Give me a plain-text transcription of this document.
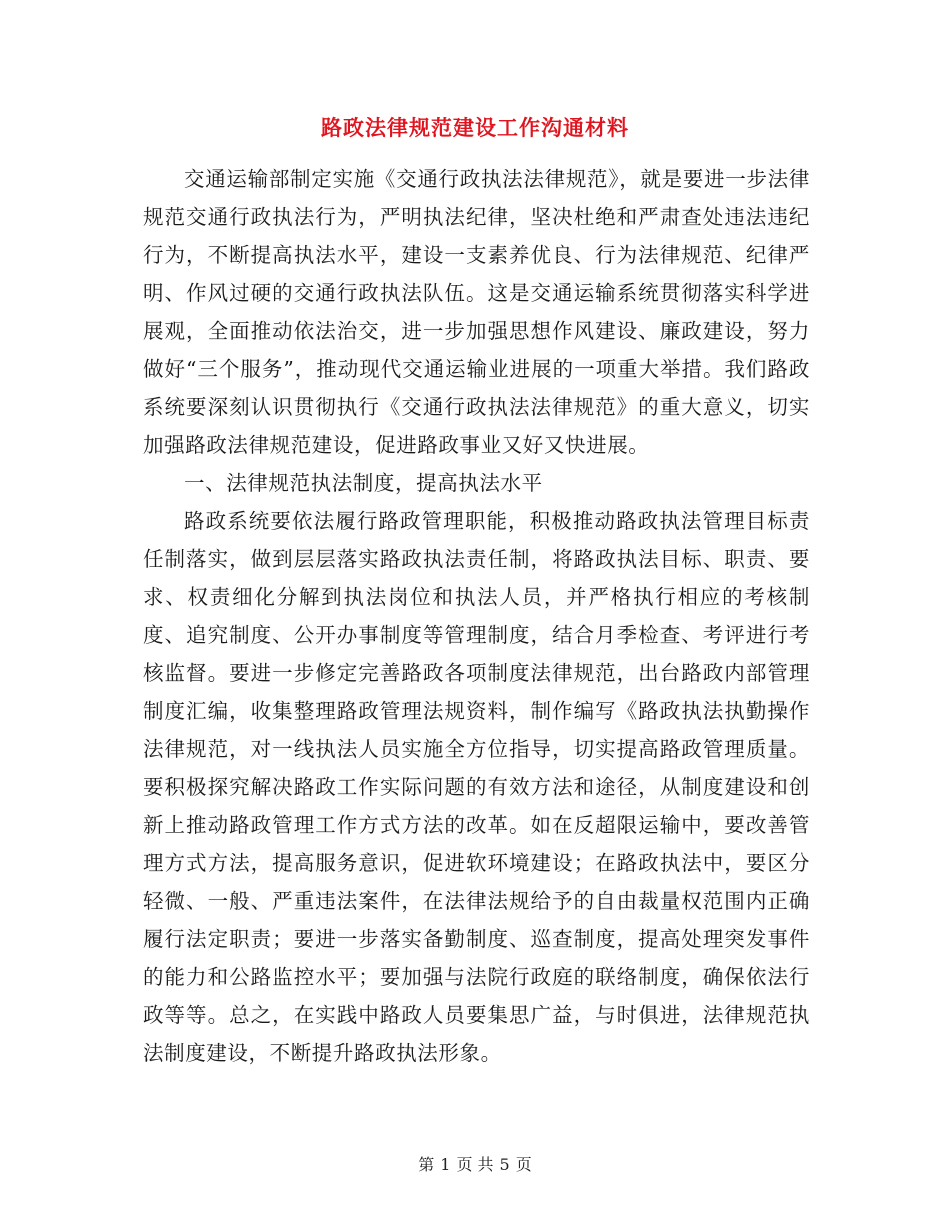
路政法律规范建设工作沟通材料

交通运输部制定实施《交通行政执法法律规范》，就是要进一步法律规范交通行政执法行为，严明执法纪律，坚决杜绝和严肃查处违法违纪行为，不断提高执法水平，建设一支素养优良、行为法律规范、纪律严明、作风过硬的交通行政执法队伍。这是交通运输系统贯彻落实科学进展观，全面推动依法治交，进一步加强思想作风建设、廉政建设，努力做好“三个服务”，推动现代交通运输业进展的一项重大举措。我们路政系统要深刻认识贯彻执行《交通行政执法法律规范》的重大意义，切实加强路政法律规范建设，促进路政事业又好又快进展。

一、法律规范执法制度，提高执法水平

路政系统要依法履行路政管理职能，积极推动路政执法管理目标责任制落实，做到层层落实路政执法责任制，将路政执法目标、职责、要求、权责细化分解到执法岗位和执法人员，并严格执行相应的考核制度、追究制度、公开办事制度等管理制度，结合月季检查、考评进行考核监督。要进一步修定完善路政各项制度法律规范，出台路政内部管理制度汇编，收集整理路政管理法规资料，制作编写《路政执法执勤操作法律规范，对一线执法人员实施全方位指导，切实提高路政管理质量。要积极探究解决路政工作实际问题的有效方法和途径，从制度建设和创新上推动路政管理工作方式方法的改革。如在反超限运输中，要改善管理方式方法，提高服务意识，促进软环境建设；在路政执法中，要区分轻微、一般、严重违法案件，在法律法规给予的自由裁量权范围内正确履行法定职责；要进一步落实备勤制度、巡查制度，提高处理突发事件的能力和公路监控水平；要加强与法院行政庭的联络制度，确保依法行政等等。总之，在实践中路政人员要集思广益，与时俱进，法律规范执法制度建设，不断提升路政执法形象。

第 1 页 共 5 页
